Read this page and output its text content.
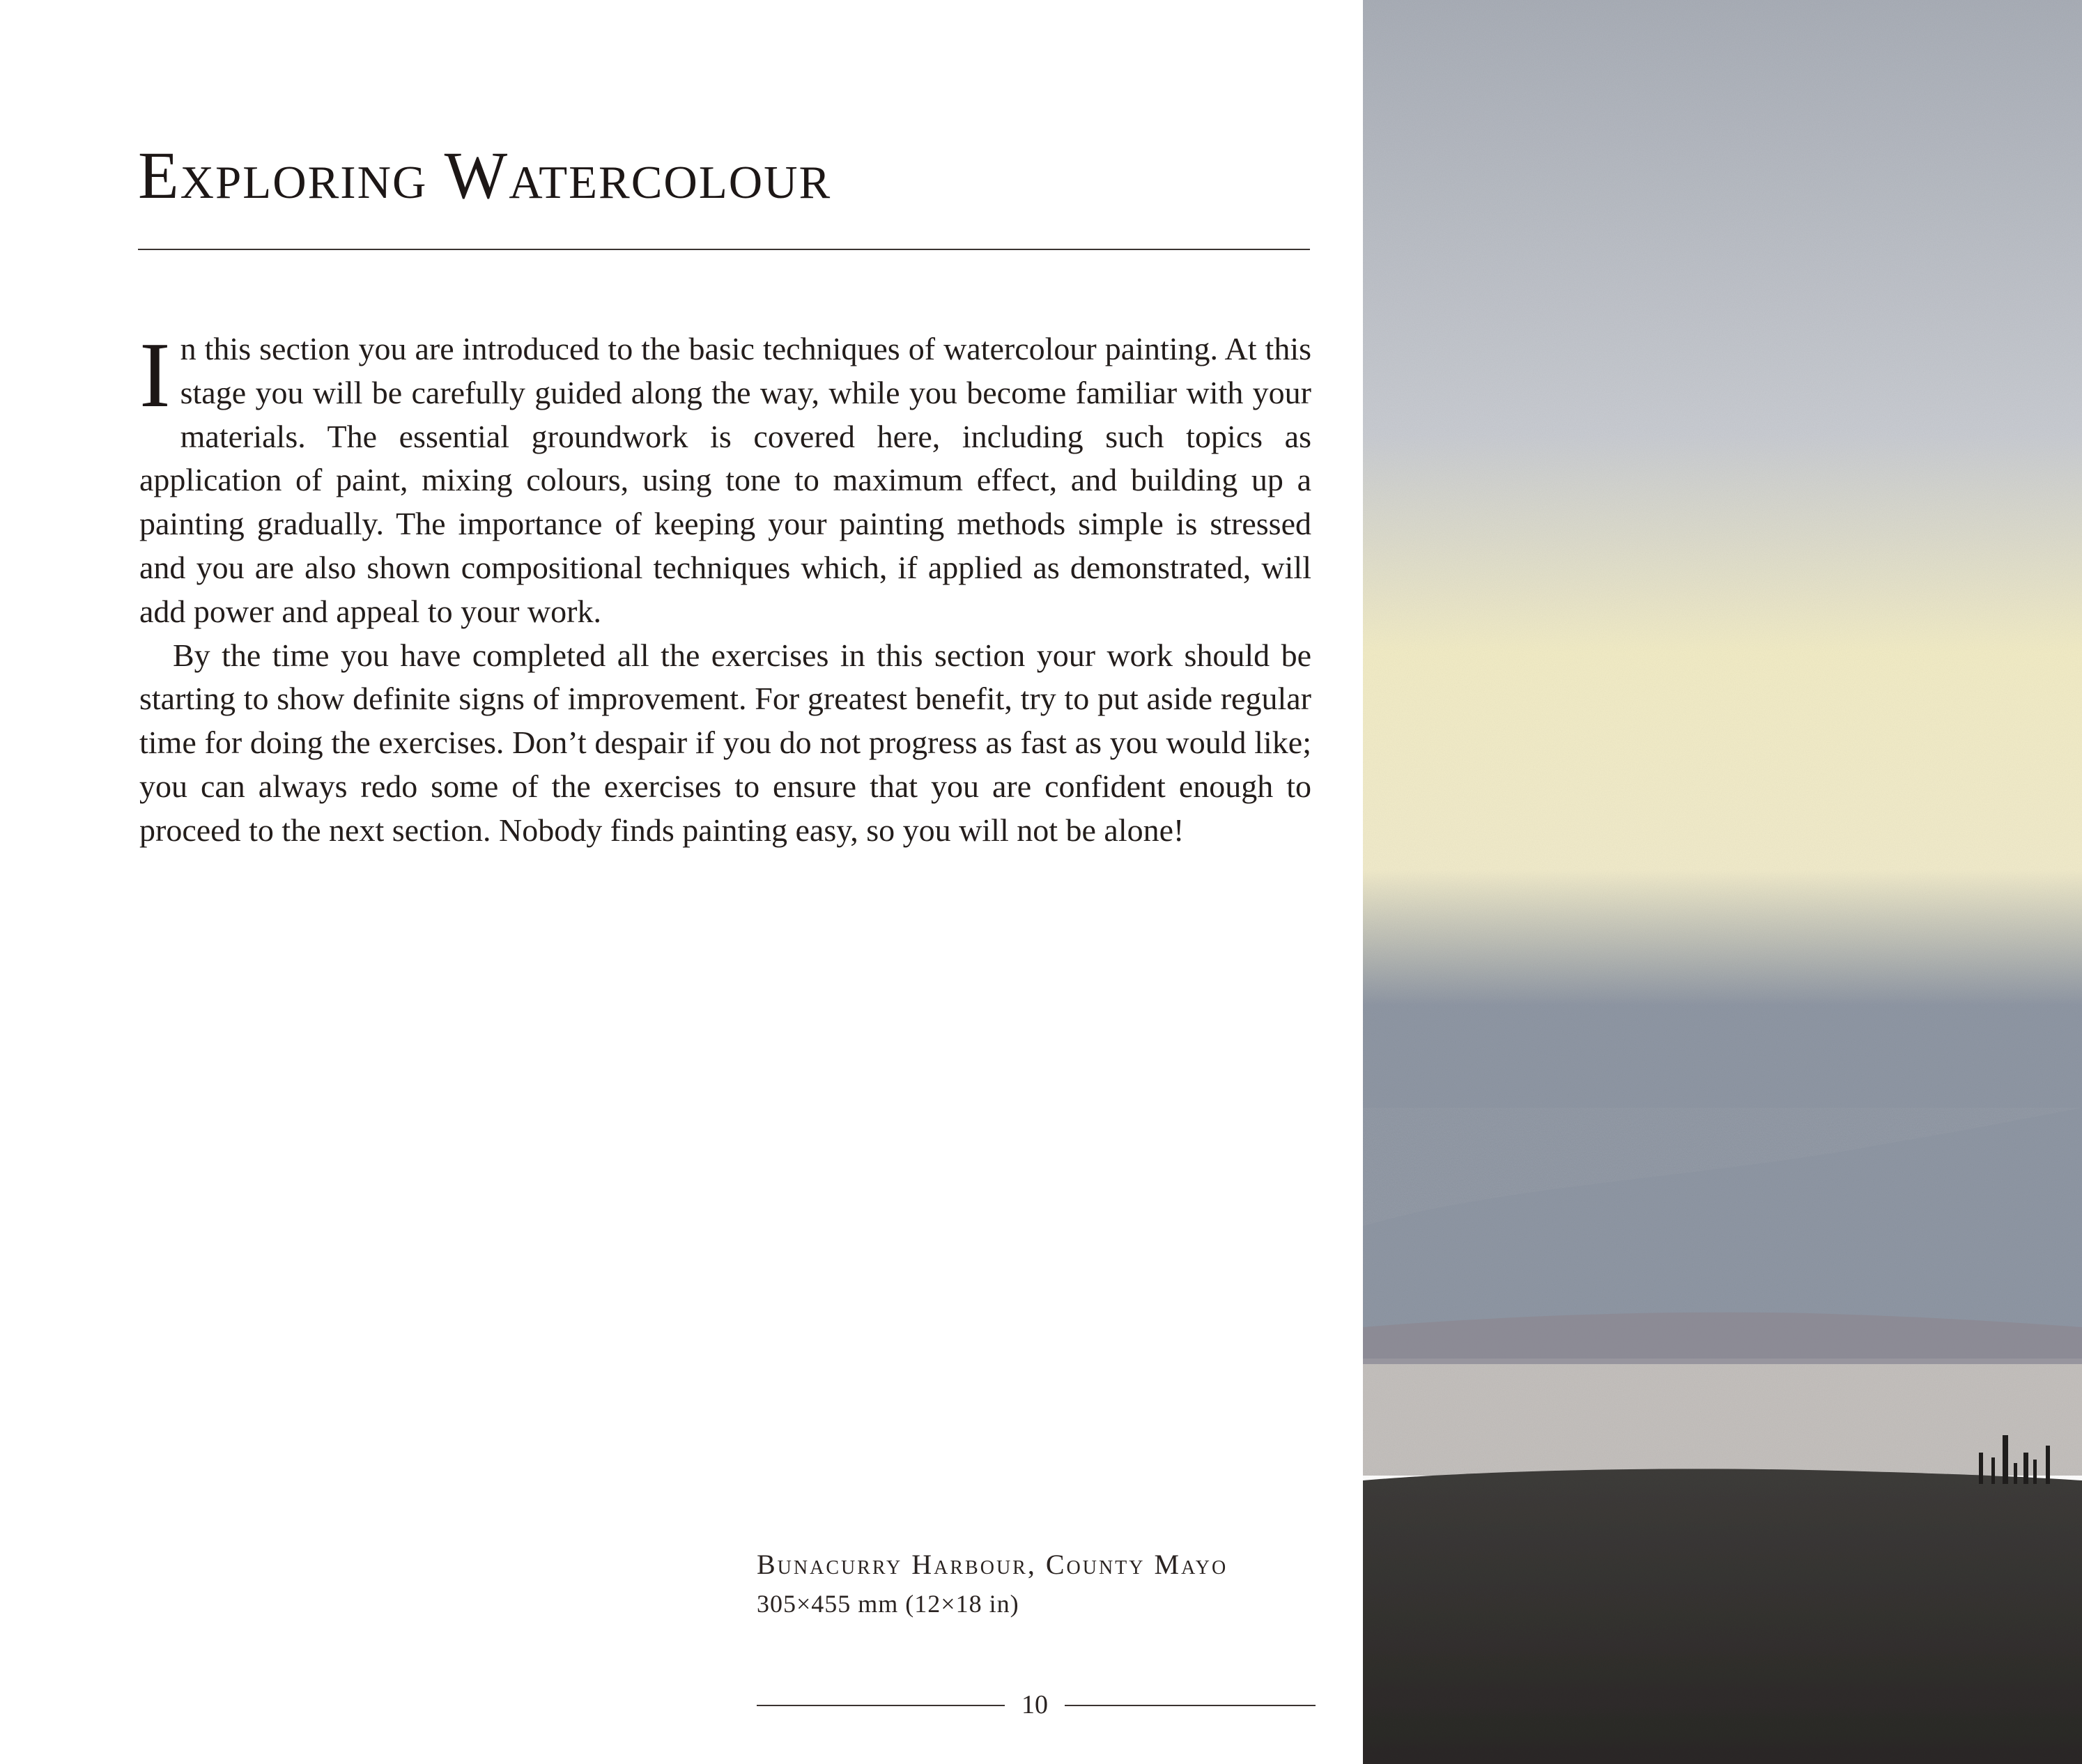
Exploring Watercolour

In this section you are introduced to the basic techniques of watercolour painting. At this stage you will be carefully guided along the way, while you become familiar with your materials. The essential groundwork is covered here, including such topics as application of paint, mixing colours, using tone to maximum effect, and building up a painting gradually. The importance of keeping your painting methods simple is stressed and you are also shown compositional techniques which, if applied as demonstrated, will add power and appeal to your work.

By the time you have completed all the exercises in this section your work should be starting to show definite signs of improvement. For greatest benefit, try to put aside regular time for doing the exercises. Don’t despair if you do not progress as fast as you would like; you can always redo some of the exercises to ensure that you are confident enough to proceed to the next section. Nobody finds painting easy, so you will not be alone!

Bunacurry Harbour, County Mayo
305×455 mm (12×18 in)
10
